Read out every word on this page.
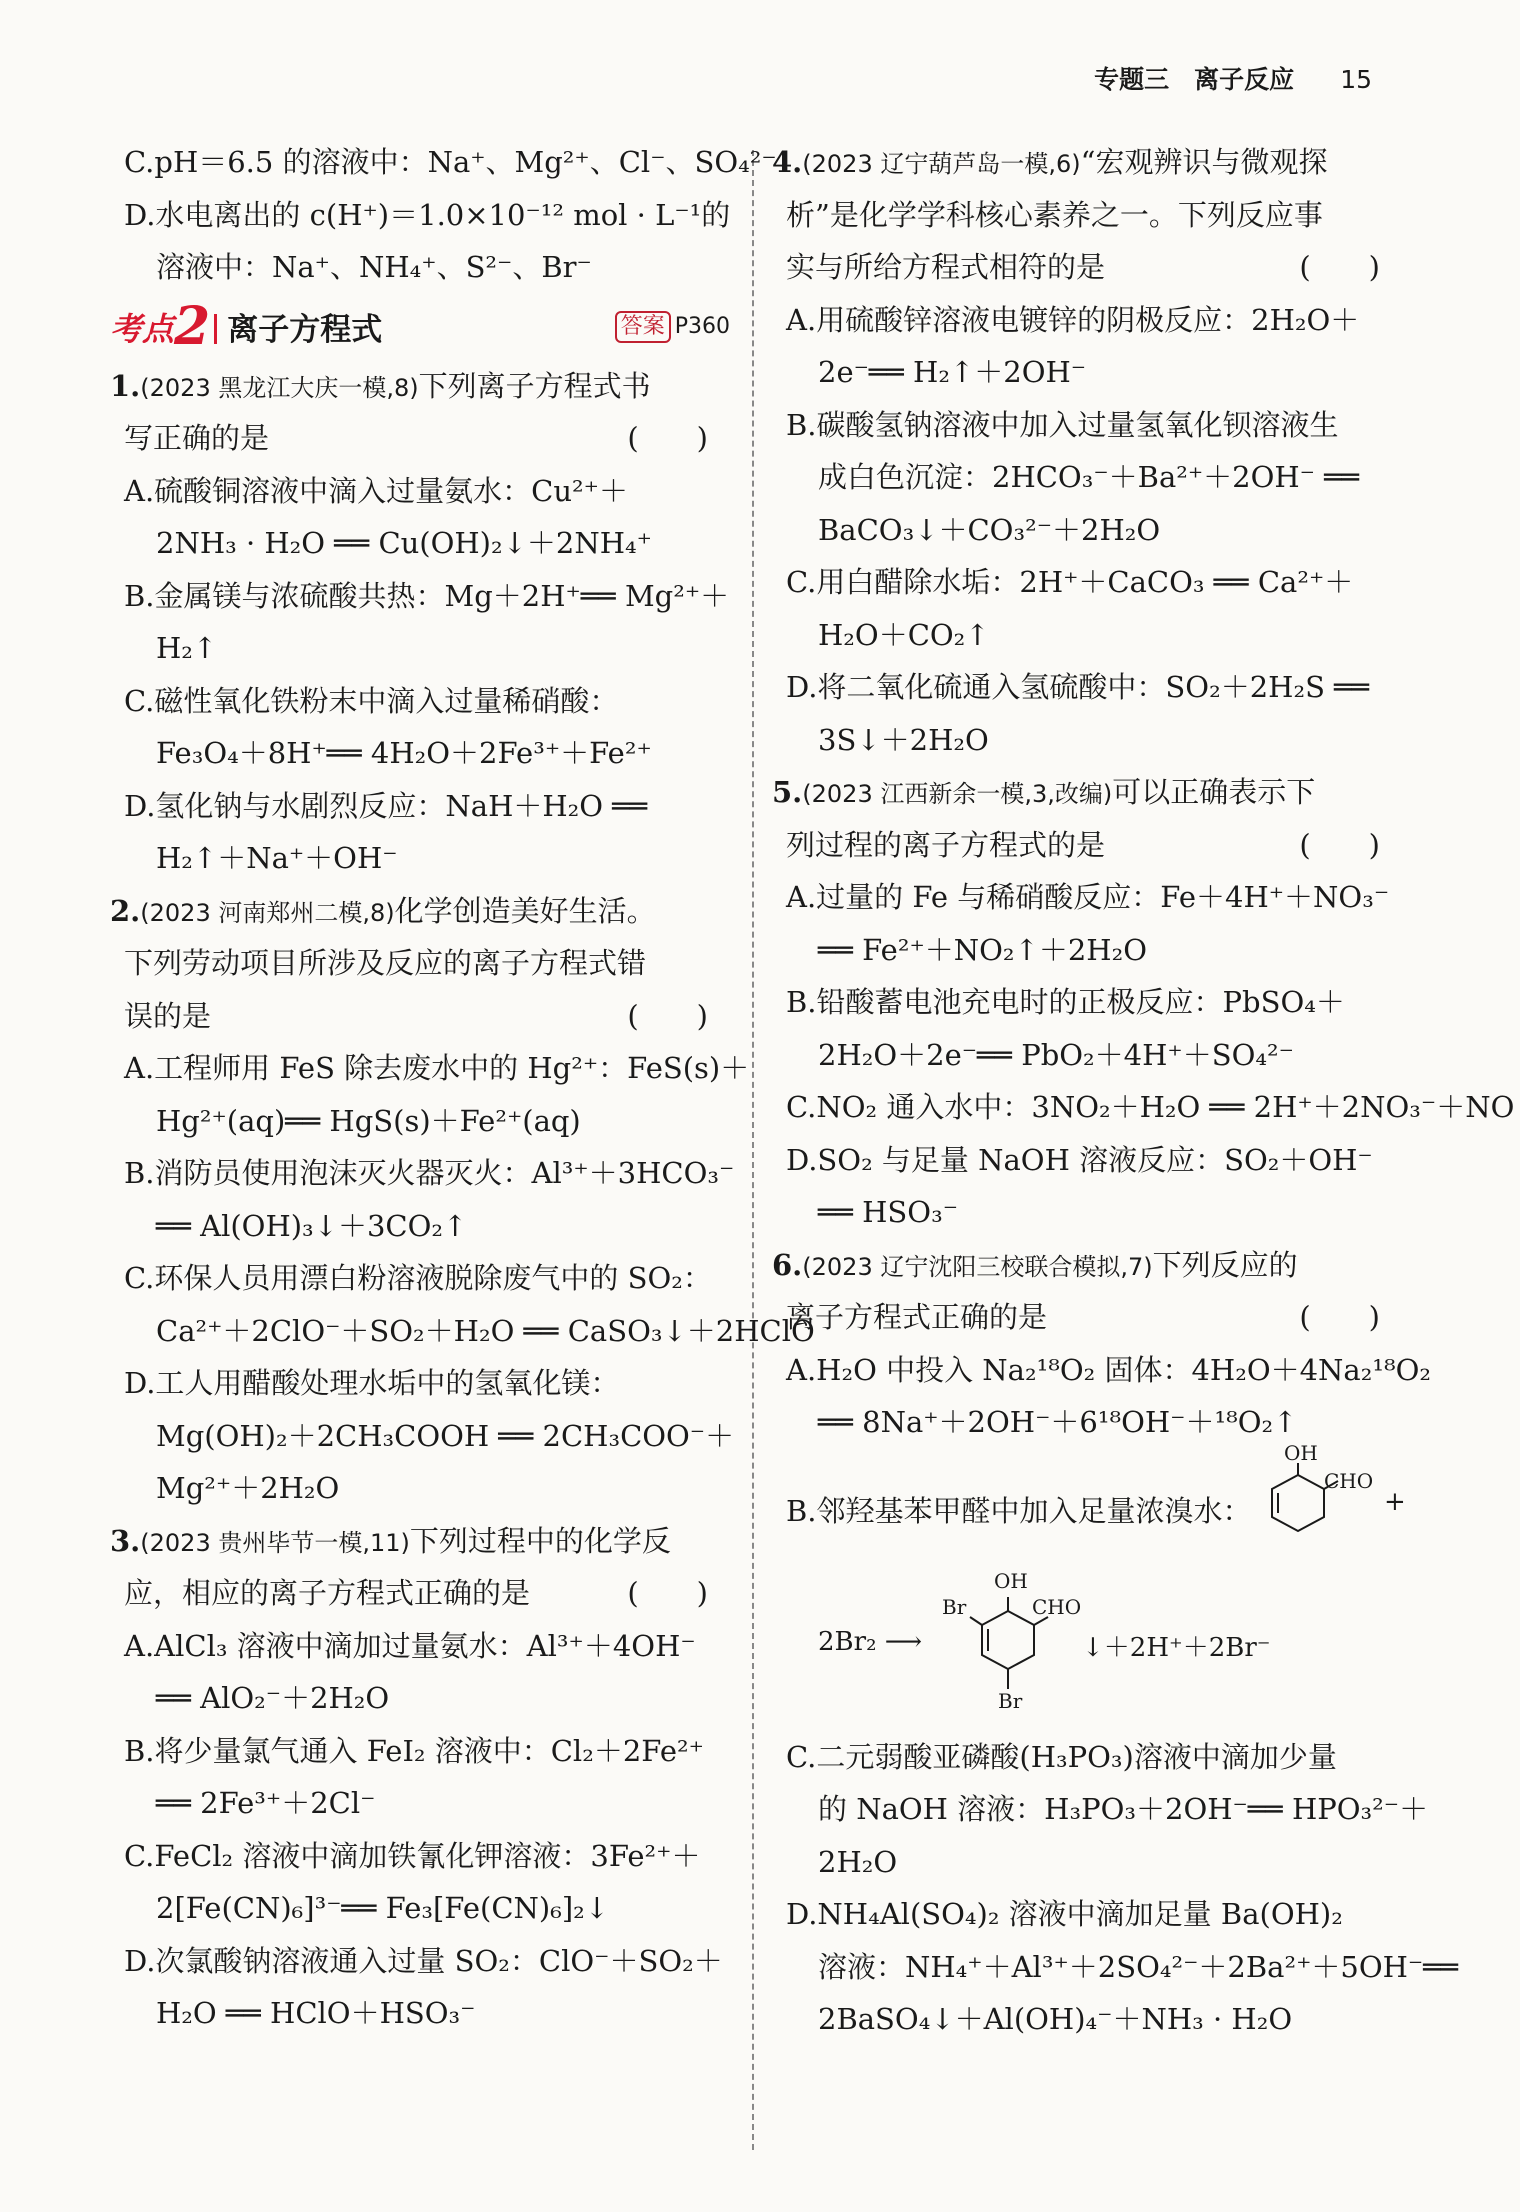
专题三　离子反应 15
C.pH＝6.5 的溶液中：Na⁺、Mg²⁺、Cl⁻、SO₄²⁻
D.水电离出的 c(H⁺)＝1.0×10⁻¹² mol · L⁻¹的
溶液中：Na⁺、NH₄⁺、S²⁻、Br⁻
考点2 离子方程式	答案 P360
1.(2023 黑龙江大庆一模,8)下列离子方程式书
写正确的是	(　　)
A.硫酸铜溶液中滴入过量氨水：Cu²⁺＋
2NH₃ · H₂O ══ Cu(OH)₂↓＋2NH₄⁺
B.金属镁与浓硫酸共热：Mg＋2H⁺══ Mg²⁺＋
H₂↑
C.磁性氧化铁粉末中滴入过量稀硝酸：
Fe₃O₄＋8H⁺══ 4H₂O＋2Fe³⁺＋Fe²⁺
D.氢化钠与水剧烈反应：NaH＋H₂O ══
H₂↑＋Na⁺＋OH⁻
2.(2023 河南郑州二模,8)化学创造美好生活。
下列劳动项目所涉及反应的离子方程式错
误的是	(　　)
A.工程师用 FeS 除去废水中的 Hg²⁺：FeS(s)＋
Hg²⁺(aq)══ HgS(s)＋Fe²⁺(aq)
B.消防员使用泡沫灭火器灭火：Al³⁺＋3HCO₃⁻
══ Al(OH)₃↓＋3CO₂↑
C.环保人员用漂白粉溶液脱除废气中的 SO₂：
Ca²⁺＋2ClO⁻＋SO₂＋H₂O ══ CaSO₃↓＋2HClO
D.工人用醋酸处理水垢中的氢氧化镁：
Mg(OH)₂＋2CH₃COOH ══ 2CH₃COO⁻＋
Mg²⁺＋2H₂O
3.(2023 贵州毕节一模,11)下列过程中的化学反
应，相应的离子方程式正确的是	(　　)
A.AlCl₃ 溶液中滴加过量氨水：Al³⁺＋4OH⁻
══ AlO₂⁻＋2H₂O
B.将少量氯气通入 FeI₂ 溶液中：Cl₂＋2Fe²⁺
══ 2Fe³⁺＋2Cl⁻
C.FeCl₂ 溶液中滴加铁氰化钾溶液：3Fe²⁺＋
2[Fe(CN)₆]³⁻══ Fe₃[Fe(CN)₆]₂↓
D.次氯酸钠溶液通入过量 SO₂：ClO⁻＋SO₂＋
H₂O ══ HClO＋HSO₃⁻
4.(2023 辽宁葫芦岛一模,6)“宏观辨识与微观探
析”是化学学科核心素养之一。下列反应事
实与所给方程式相符的是	(　　)
A.用硫酸锌溶液电镀锌的阴极反应：2H₂O＋
2e⁻══ H₂↑＋2OH⁻
B.碳酸氢钠溶液中加入过量氢氧化钡溶液生
成白色沉淀：2HCO₃⁻＋Ba²⁺＋2OH⁻ ══
BaCO₃↓＋CO₃²⁻＋2H₂O
C.用白醋除水垢：2H⁺＋CaCO₃ ══ Ca²⁺＋
H₂O＋CO₂↑
D.将二氧化硫通入氢硫酸中：SO₂＋2H₂S ══
3S↓＋2H₂O
5.(2023 江西新余一模,3,改编)可以正确表示下
列过程的离子方程式的是	(　　)
A.过量的 Fe 与稀硝酸反应：Fe＋4H⁺＋NO₃⁻
══ Fe²⁺＋NO₂↑＋2H₂O
B.铅酸蓄电池充电时的正极反应：PbSO₄＋
2H₂O＋2e⁻══ PbO₂＋4H⁺＋SO₄²⁻
C.NO₂ 通入水中：3NO₂＋H₂O ══ 2H⁺＋2NO₃⁻＋NO
D.SO₂ 与足量 NaOH 溶液反应：SO₂＋OH⁻
══ HSO₃⁻
6.(2023 辽宁沈阳三校联合模拟,7)下列反应的
离子方程式正确的是	(　　)
A.H₂O 中投入 Na₂¹⁸O₂ 固体：4H₂O＋4Na₂¹⁸O₂
══ 8Na⁺＋2OH⁻＋6¹⁸OH⁻＋¹⁸O₂↑
B.邻羟基苯甲醛中加入足量浓溴水：
OH
CHO
+
2Br₂ ⟶
OH
Br	CHO
Br
↓＋2H⁺＋2Br⁻
C.二元弱酸亚磷酸(H₃PO₃)溶液中滴加少量
的 NaOH 溶液：H₃PO₃＋2OH⁻══ HPO₃²⁻＋
2H₂O
D.NH₄Al(SO₄)₂ 溶液中滴加足量 Ba(OH)₂
溶液：NH₄⁺＋Al³⁺＋2SO₄²⁻＋2Ba²⁺＋5OH⁻══
2BaSO₄↓＋Al(OH)₄⁻＋NH₃ · H₂O
